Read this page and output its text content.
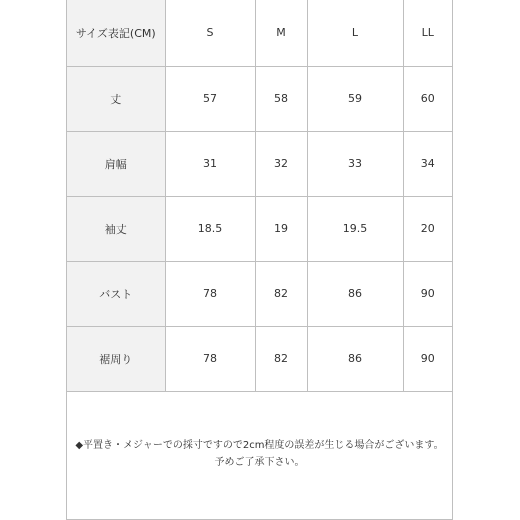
サイズ表記(CM)	S	M	L	LL
丈	57	58	59	60
肩幅	31	32	33	34
袖丈	18.5	19	19.5	20
バスト	78	82	86	90
裾周り	78	82	86	90
◆平置き・メジャーでの採寸ですので2cm程度の誤差が生じる場合がございます。
予めご了承下さい。
